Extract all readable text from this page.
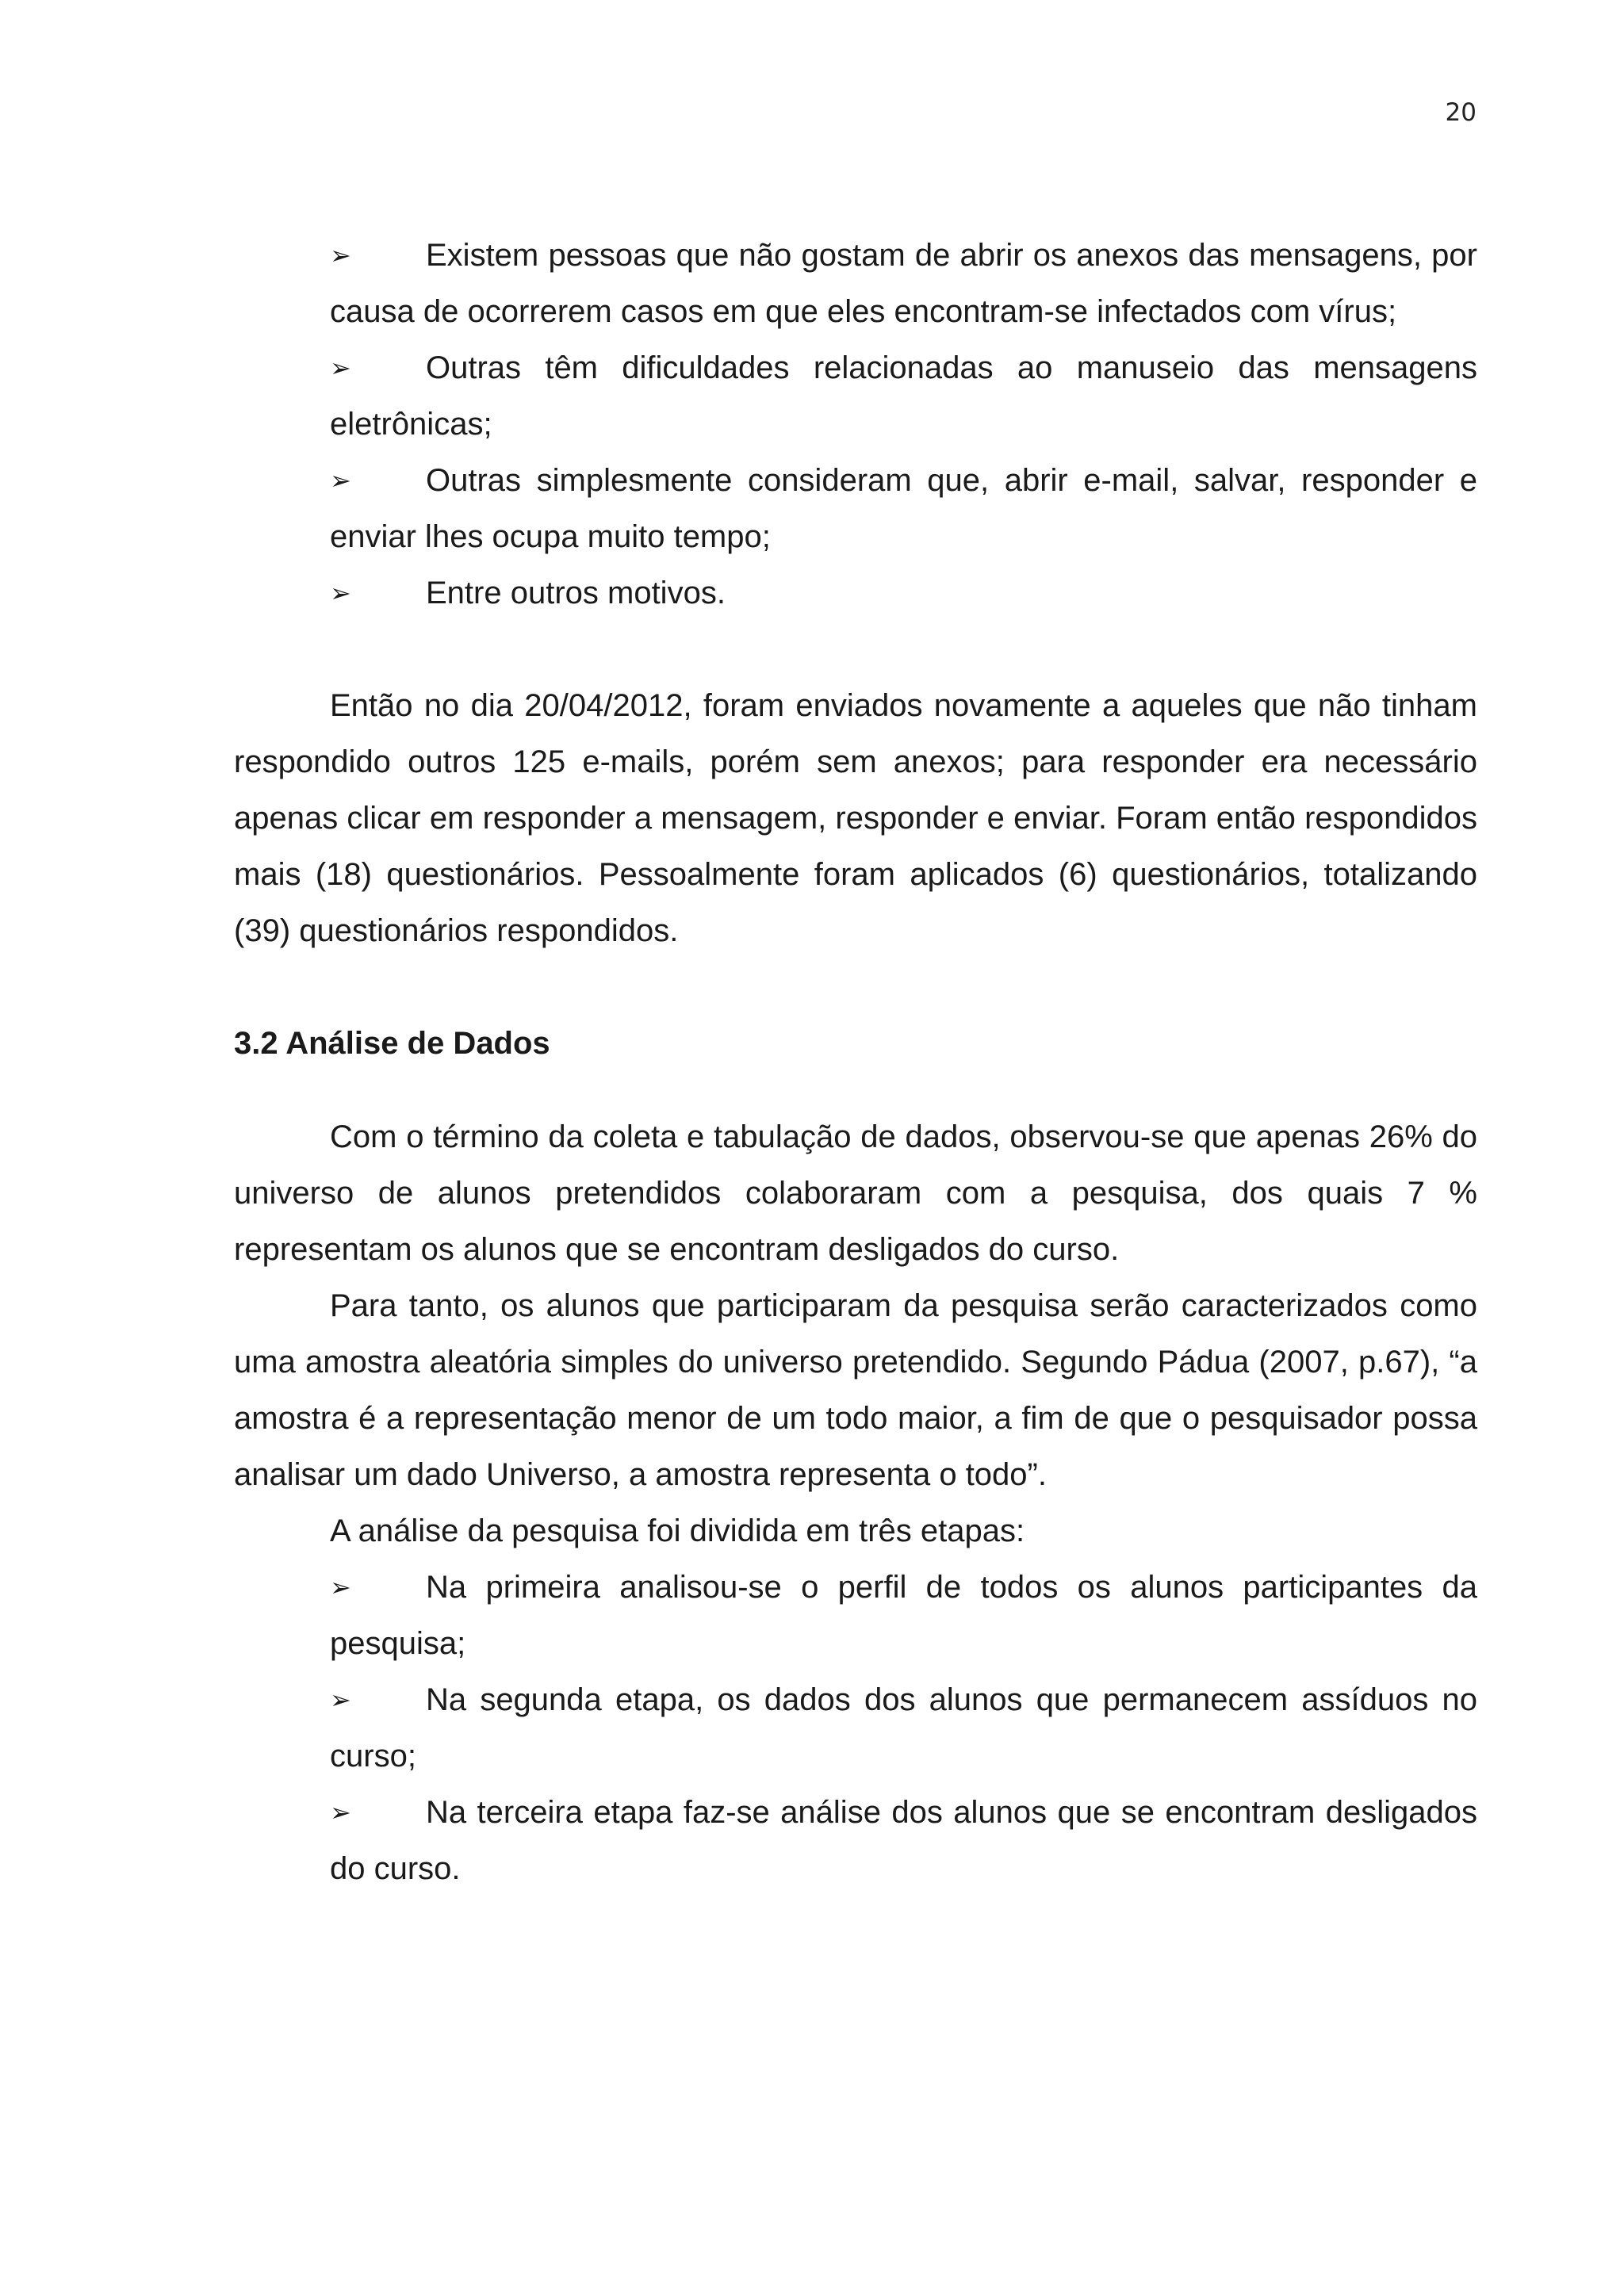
20
➢ Existem pessoas que não gostam de abrir os anexos das mensagens, por causa de ocorrerem casos em que eles encontram-se infectados com vírus;
➢ Outras têm dificuldades relacionadas ao manuseio das mensagens eletrônicas;
➢ Outras simplesmente consideram que, abrir e-mail, salvar, responder e enviar lhes ocupa muito tempo;
➢ Entre outros motivos.

Então no dia 20/04/2012, foram enviados novamente a aqueles que não tinham respondido outros 125 e-mails, porém sem anexos; para responder era necessário apenas clicar em responder a mensagem, responder e enviar. Foram então respondidos mais (18) questionários. Pessoalmente foram aplicados (6) questionários, totalizando (39) questionários respondidos.

3.2 Análise de Dados

Com o término da coleta e tabulação de dados, observou-se que apenas 26% do universo de alunos pretendidos colaboraram com a pesquisa, dos quais 7 % representam os alunos que se encontram desligados do curso.

Para tanto, os alunos que participaram da pesquisa serão caracterizados como uma amostra aleatória simples do universo pretendido. Segundo Pádua (2007, p.67), “a amostra é a representação menor de um todo maior, a fim de que o pesquisador possa analisar um dado Universo, a amostra representa o todo”.

A análise da pesquisa foi dividida em três etapas:

➢ Na primeira analisou-se o perfil de todos os alunos participantes da pesquisa;
➢ Na segunda etapa, os dados dos alunos que permanecem assíduos no curso;
➢ Na terceira etapa faz-se análise dos alunos que se encontram desligados do curso.
